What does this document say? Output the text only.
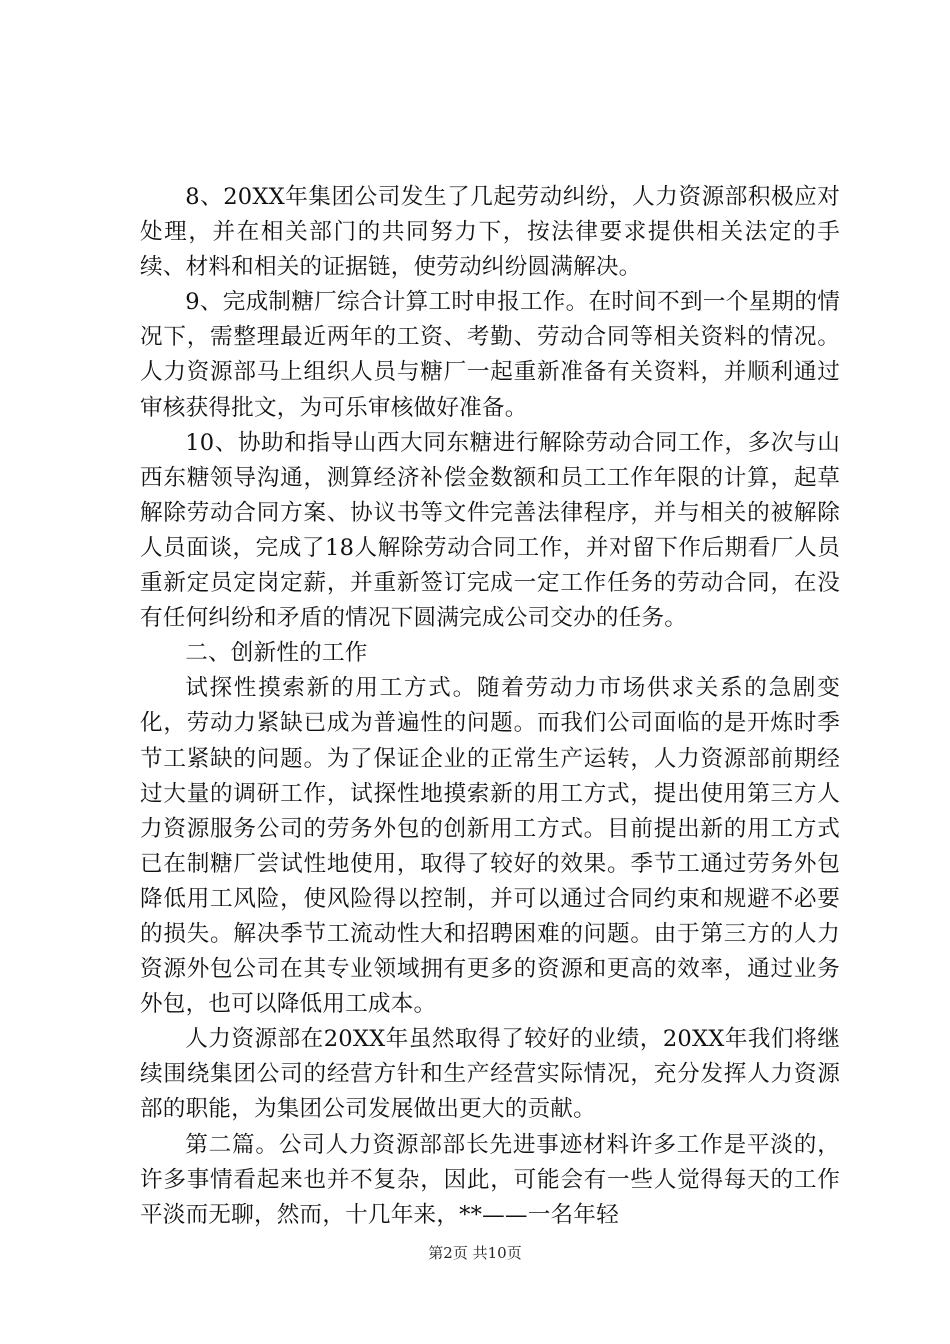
8、20XX年集团公司发生了几起劳动纠纷，人力资源部积极应对处理，并在相关部门的共同努力下，按法律要求提供相关法定的手续、材料和相关的证据链，使劳动纠纷圆满解决。

9、完成制糖厂综合计算工时申报工作。在时间不到一个星期的情况下，需整理最近两年的工资、考勤、劳动合同等相关资料的情况。人力资源部马上组织人员与糖厂一起重新准备有关资料，并顺利通过审核获得批文，为可乐审核做好准备。

10、协助和指导山西大同东糖进行解除劳动合同工作，多次与山西东糖领导沟通，测算经济补偿金数额和员工工作年限的计算，起草解除劳动合同方案、协议书等文件完善法律程序，并与相关的被解除人员面谈，完成了18人解除劳动合同工作，并对留下作后期看厂人员重新定员定岗定薪，并重新签订完成一定工作任务的劳动合同，在没有任何纠纷和矛盾的情况下圆满完成公司交办的任务。

二、创新性的工作

试探性摸索新的用工方式。随着劳动力市场供求关系的急剧变化，劳动力紧缺已成为普遍性的问题。而我们公司面临的是开炼时季节工紧缺的问题。为了保证企业的正常生产运转，人力资源部前期经过大量的调研工作，试探性地摸索新的用工方式，提出使用第三方人力资源服务公司的劳务外包的创新用工方式。目前提出新的用工方式已在制糖厂尝试性地使用，取得了较好的效果。季节工通过劳务外包降低用工风险，使风险得以控制，并可以通过合同约束和规避不必要的损失。解决季节工流动性大和招聘困难的问题。由于第三方的人力资源外包公司在其专业领域拥有更多的资源和更高的效率，通过业务外包，也可以降低用工成本。

人力资源部在20XX年虽然取得了较好的业绩，20XX年我们将继续围绕集团公司的经营方针和生产经营实际情况，充分发挥人力资源部的职能，为集团公司发展做出更大的贡献。

第二篇。公司人力资源部部长先进事迹材料许多工作是平淡的，许多事情看起来也并不复杂，因此，可能会有一些人觉得每天的工作平淡而无聊，然而，十几年来，**——一名年轻

第2页 共10页
